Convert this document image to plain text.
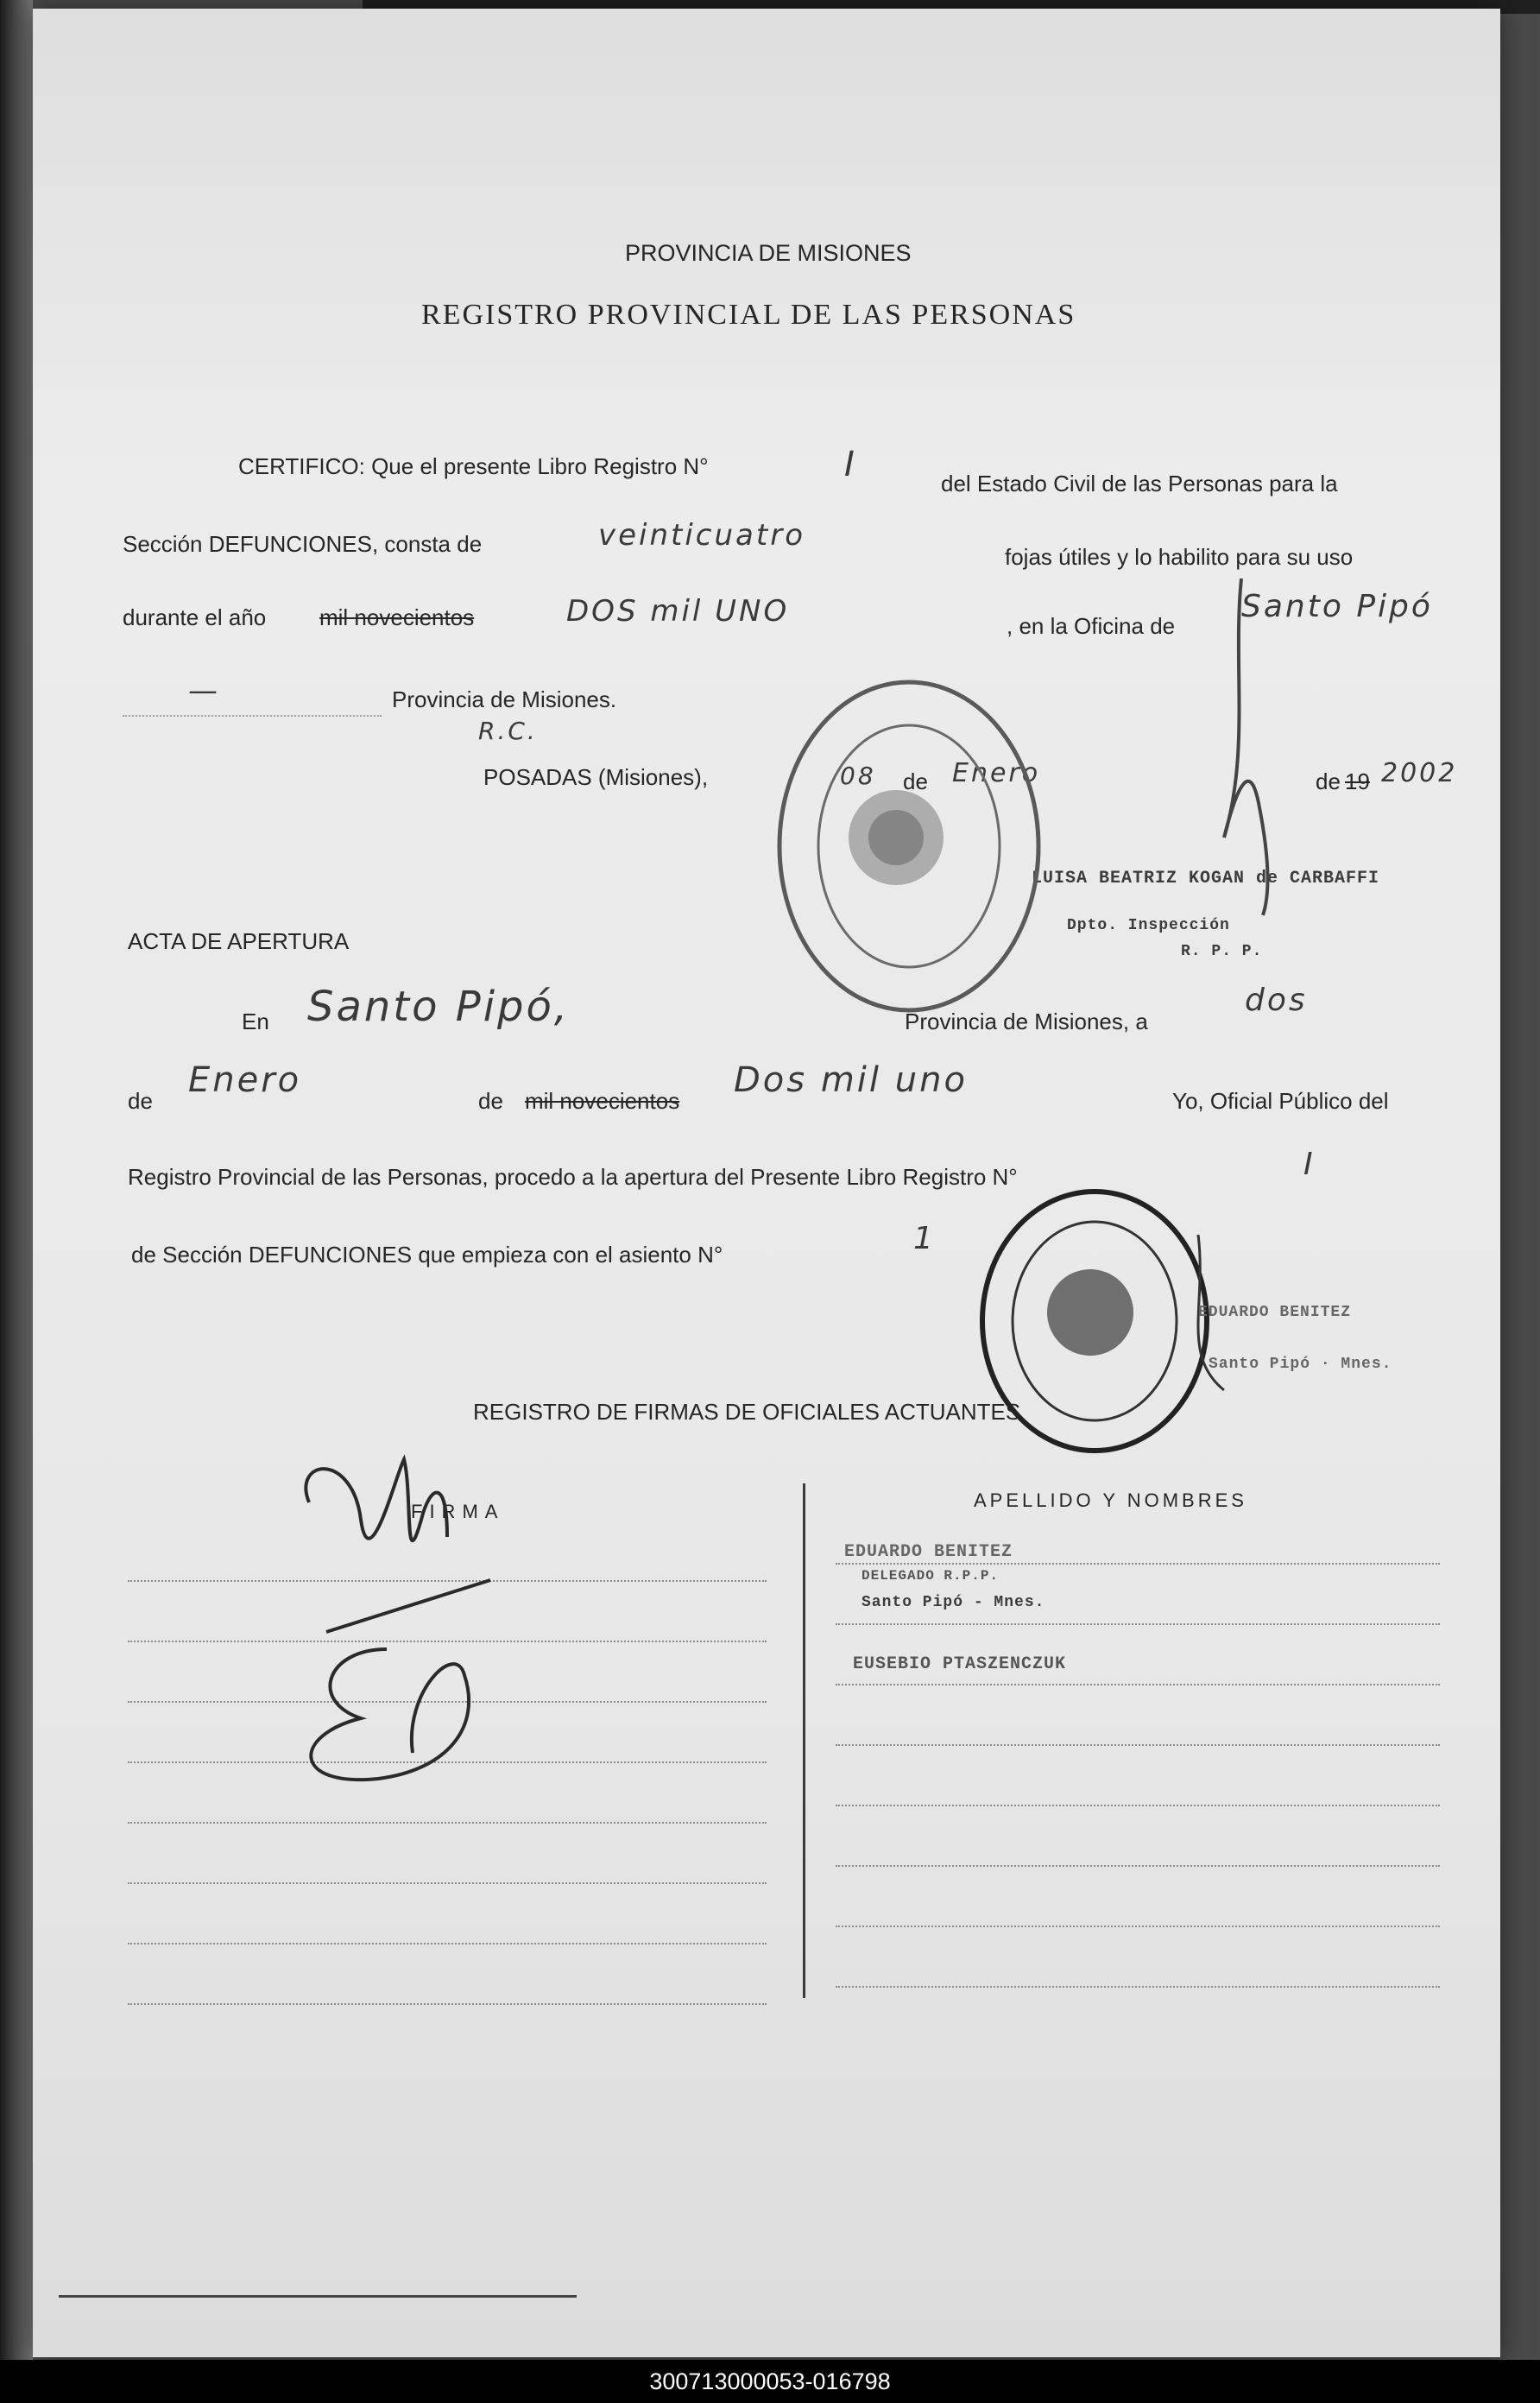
PROVINCIA DE MISIONES
REGISTRO PROVINCIAL DE LAS PERSONAS
CERTIFICO: Que el presente Libro Registro N°	I	del Estado Civil de las Personas para la
Sección DEFUNCIONES, consta de	veinticuatro
fojas útiles y lo habilito para su uso
durante el año mil novecientos	DOS mil UNO	, en la Oficina de
Santo Pipó
—	Provincia de Misiones.
R.C.
POSADAS (Misiones),	08 de Enero	de 19 2002
LUISA BEATRIZ KOGAN de CARBAFFI
Dpto. Inspección
R. P. P.
ACTA DE APERTURA
En Santo Pipó,	Provincia de Misiones, a
dos
de
Enero
de mil novecientos
Dos mil uno
Yo, Oficial Público del
Registro Provincial de las Personas, procedo a la apertura del Presente Libro Registro N°	I
de Sección DEFUNCIONES que empieza con el asiento N°	1
EDUARDO BENITEZ
Santo Pipó · Mnes.
REGISTRO DE FIRMAS DE OFICIALES ACTUANTES
FIRMA
APELLIDO Y NOMBRES
EDUARDO BENITEZ
DELEGADO R.P.P.
Santo Pipó - Mnes.
EUSEBIO PTASZENCZUK
300713000053-016798
